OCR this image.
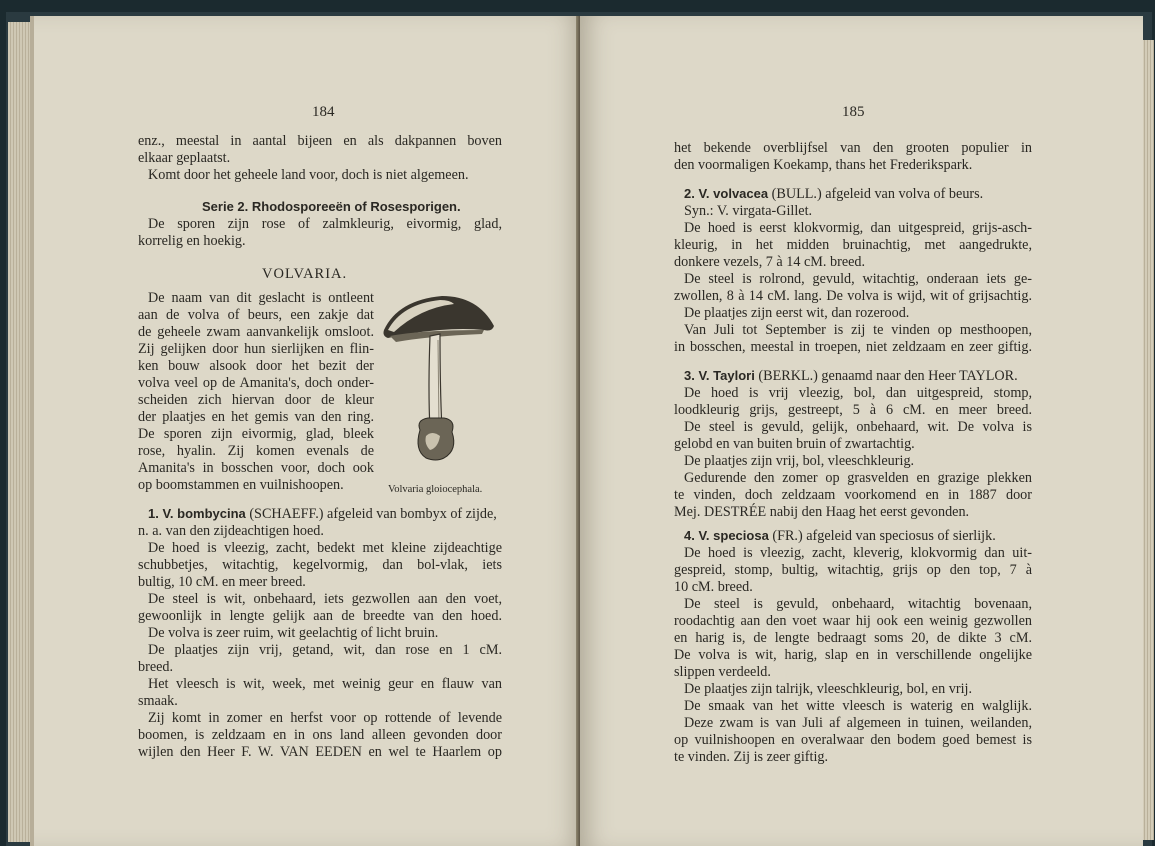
184
enz., meestal in aantal bijeen en als dakpannen boven
elkaar geplaatst.
Komt door het geheele land voor, doch is niet algemeen.
Serie 2. Rhodosporeeën of Rosesporigen.
De sporen zijn rose of zalmkleurig, eivormig, glad,
korrelig en hoekig.
VOLVARIA.
De naam van dit geslacht is ontleent
aan de volva of beurs, een zakje dat
de geheele zwam aanvankelijk omsloot.
Zij gelijken door hun sierlijken en flin-
ken bouw alsook door het bezit der
volva veel op de Amanita's, doch onder-
scheiden zich hiervan door de kleur
der plaatjes en het gemis van den ring.
De sporen zijn eivormig, glad, bleek
rose, hyalin. Zij komen evenals de
Amanita's in bosschen voor, doch ook
op boomstammen en vuilnishoopen.	Volvaria gloiocephala.
1. V. bombycina (SCHAEFF.) afgeleid van bombyx of zijde,
n. a. van den zijdeachtigen hoed.
De hoed is vleezig, zacht, bedekt met kleine zijdeachtige
schubbetjes, witachtig, kegelvormig, dan bol-vlak, iets
bultig, 10 cM. en meer breed.
De steel is wit, onbehaard, iets gezwollen aan den voet,
gewoonlijk in lengte gelijk aan de breedte van den hoed.
De volva is zeer ruim, wit geelachtig of licht bruin.
De plaatjes zijn vrij, getand, wit, dan rose en 1 cM.
breed.
Het vleesch is wit, week, met weinig geur en flauw van
smaak.
Zij komt in zomer en herfst voor op rottende of levende
boomen, is zeldzaam en in ons land alleen gevonden door
wijlen den Heer F. W. VAN EEDEN en wel te Haarlem op
185
het bekende overblijfsel van den grooten populier in
den voormaligen Koekamp, thans het Frederikspark.
2. V. volvacea (BULL.) afgeleid van volva of beurs.
Syn.: V. virgata-Gillet.
De hoed is eerst klokvormig, dan uitgespreid, grijs-asch-
kleurig, in het midden bruinachtig, met aangedrukte,
donkere vezels, 7 à 14 cM. breed.
De steel is rolrond, gevuld, witachtig, onderaan iets ge-
zwollen, 8 à 14 cM. lang. De volva is wijd, wit of grijsachtig.
De plaatjes zijn eerst wit, dan rozerood.
Van Juli tot September is zij te vinden op mesthoopen,
in bosschen, meestal in troepen, niet zeldzaam en zeer giftig.
3. V. Taylori (BERKL.) genaamd naar den Heer TAYLOR.
De hoed is vrij vleezig, bol, dan uitgespreid, stomp,
loodkleurig grijs, gestreept, 5 à 6 cM. en meer breed.
De steel is gevuld, gelijk, onbehaard, wit. De volva is
gelobd en van buiten bruin of zwartachtig.
De plaatjes zijn vrij, bol, vleeschkleurig.
Gedurende den zomer op grasvelden en grazige plekken
te vinden, doch zeldzaam voorkomend en in 1887 door
Mej. DESTRÉE nabij den Haag het eerst gevonden.
4. V. speciosa (FR.) afgeleid van speciosus of sierlijk.
De hoed is vleezig, zacht, kleverig, klokvormig dan uit-
gespreid, stomp, bultig, witachtig, grijs op den top, 7 à
10 cM. breed.
De steel is gevuld, onbehaard, witachtig bovenaan,
roodachtig aan den voet waar hij ook een weinig gezwollen
en harig is, de lengte bedraagt soms 20, de dikte 3 cM.
De volva is wit, harig, slap en in verschillende ongelijke
slippen verdeeld.
De plaatjes zijn talrijk, vleeschkleurig, bol, en vrij.
De smaak van het witte vleesch is waterig en walglijk.
Deze zwam is van Juli af algemeen in tuinen, weilanden,
op vuilnishoopen en overalwaar den bodem goed bemest is
te vinden. Zij is zeer giftig.
